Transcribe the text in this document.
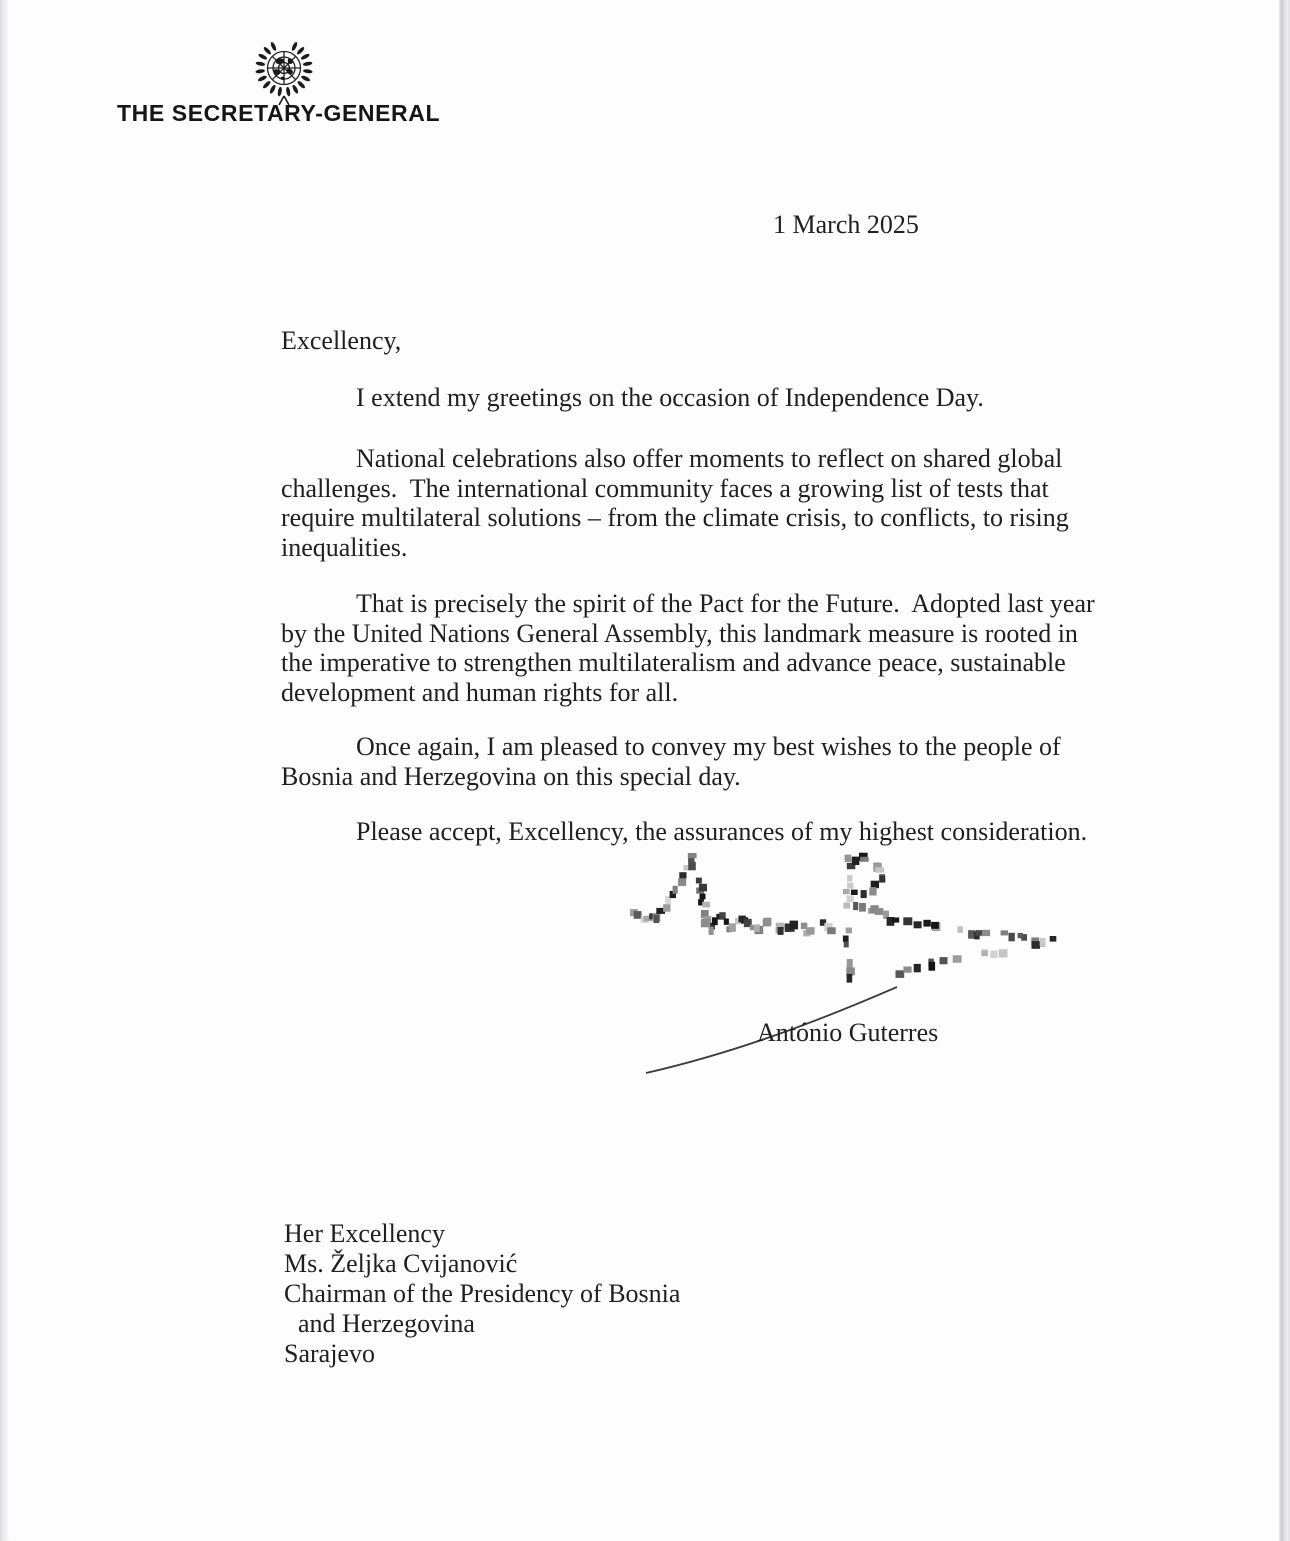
THE SECRETARY-GENERAL
1 March 2025
Excellency,
I extend my greetings on the occasion of Independence Day.
National celebrations also offer moments to reflect on shared global
challenges.  The international community faces a growing list of tests that
require multilateral solutions – from the climate crisis, to conflicts, to rising
inequalities.
That is precisely the spirit of the Pact for the Future.  Adopted last year
by the United Nations General Assembly, this landmark measure is rooted in
the imperative to strengthen multilateralism and advance peace, sustainable
development and human rights for all.
Once again, I am pleased to convey my best wishes to the people of
Bosnia and Herzegovina on this special day.
Please accept, Excellency, the assurances of my highest consideration.
António Guterres
Her Excellency
Ms. Željka Cvijanović
Chairman of the Presidency of Bosnia
and Herzegovina
Sarajevo
